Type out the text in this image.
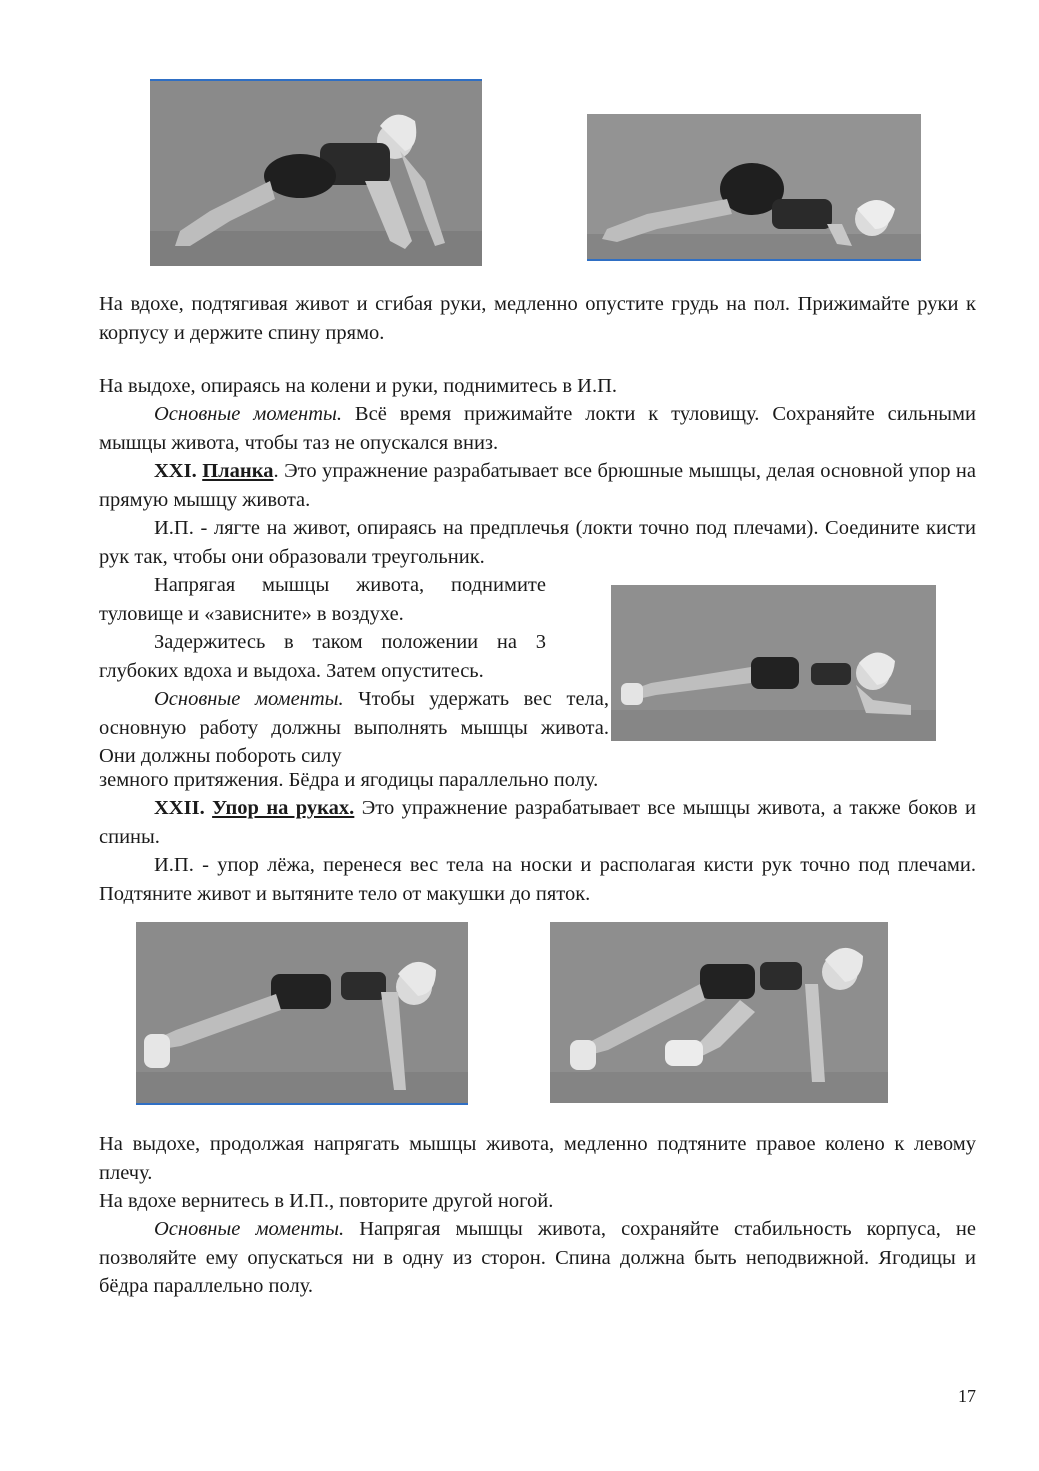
На вдохе, подтягивая живот и сгибая руки, медленно опустите грудь на пол. Прижимайте руки к корпусу и держите спину прямо.

На выдохе, опираясь на колени и руки, поднимитесь в И.П.

Основные моменты. Всё время прижимайте локти к туловищу. Сохраняйте сильными мышцы живота, чтобы таз не опускался вниз.

XXI. Планка. Это упражнение разрабатывает все брюшные мышцы, делая основной упор на прямую мышцу живота.

И.П. - лягте на живот, опираясь на предплечья (локти точно под плечами). Соедините кисти рук так, чтобы они образовали треугольник.

Напрягая мышцы живота, поднимите туловище и «зависните» в воздухе.

Задержитесь в таком положении на 3 глубоких вдоха и выдоха. Затем опуститесь.

Основные моменты. Чтобы удержать вес тела, основную работу должны выполнять мышцы живота. Они должны побороть силу

земного притяжения. Бёдра и ягодицы параллельно полу.

XXII. Упор на руках. Это упражнение разрабатывает все мышцы живота, а также боков и спины.

И.П. - упор лёжа, перенеся вес тела на носки и располагая кисти рук точно под плечами. Подтяните живот и вытяните тело от макушки до пяток.

На выдохе, продолжая напрягать мышцы живота, медленно подтяните правое колено к левому плечу.

На вдохе вернитесь в И.П., повторите другой ногой.

Основные моменты. Напрягая мышцы живота, сохраняйте стабильность корпуса, не позволяйте ему опускаться ни в одну из сторон. Спина должна быть неподвижной. Ягодицы и бёдра параллельно полу.

17
